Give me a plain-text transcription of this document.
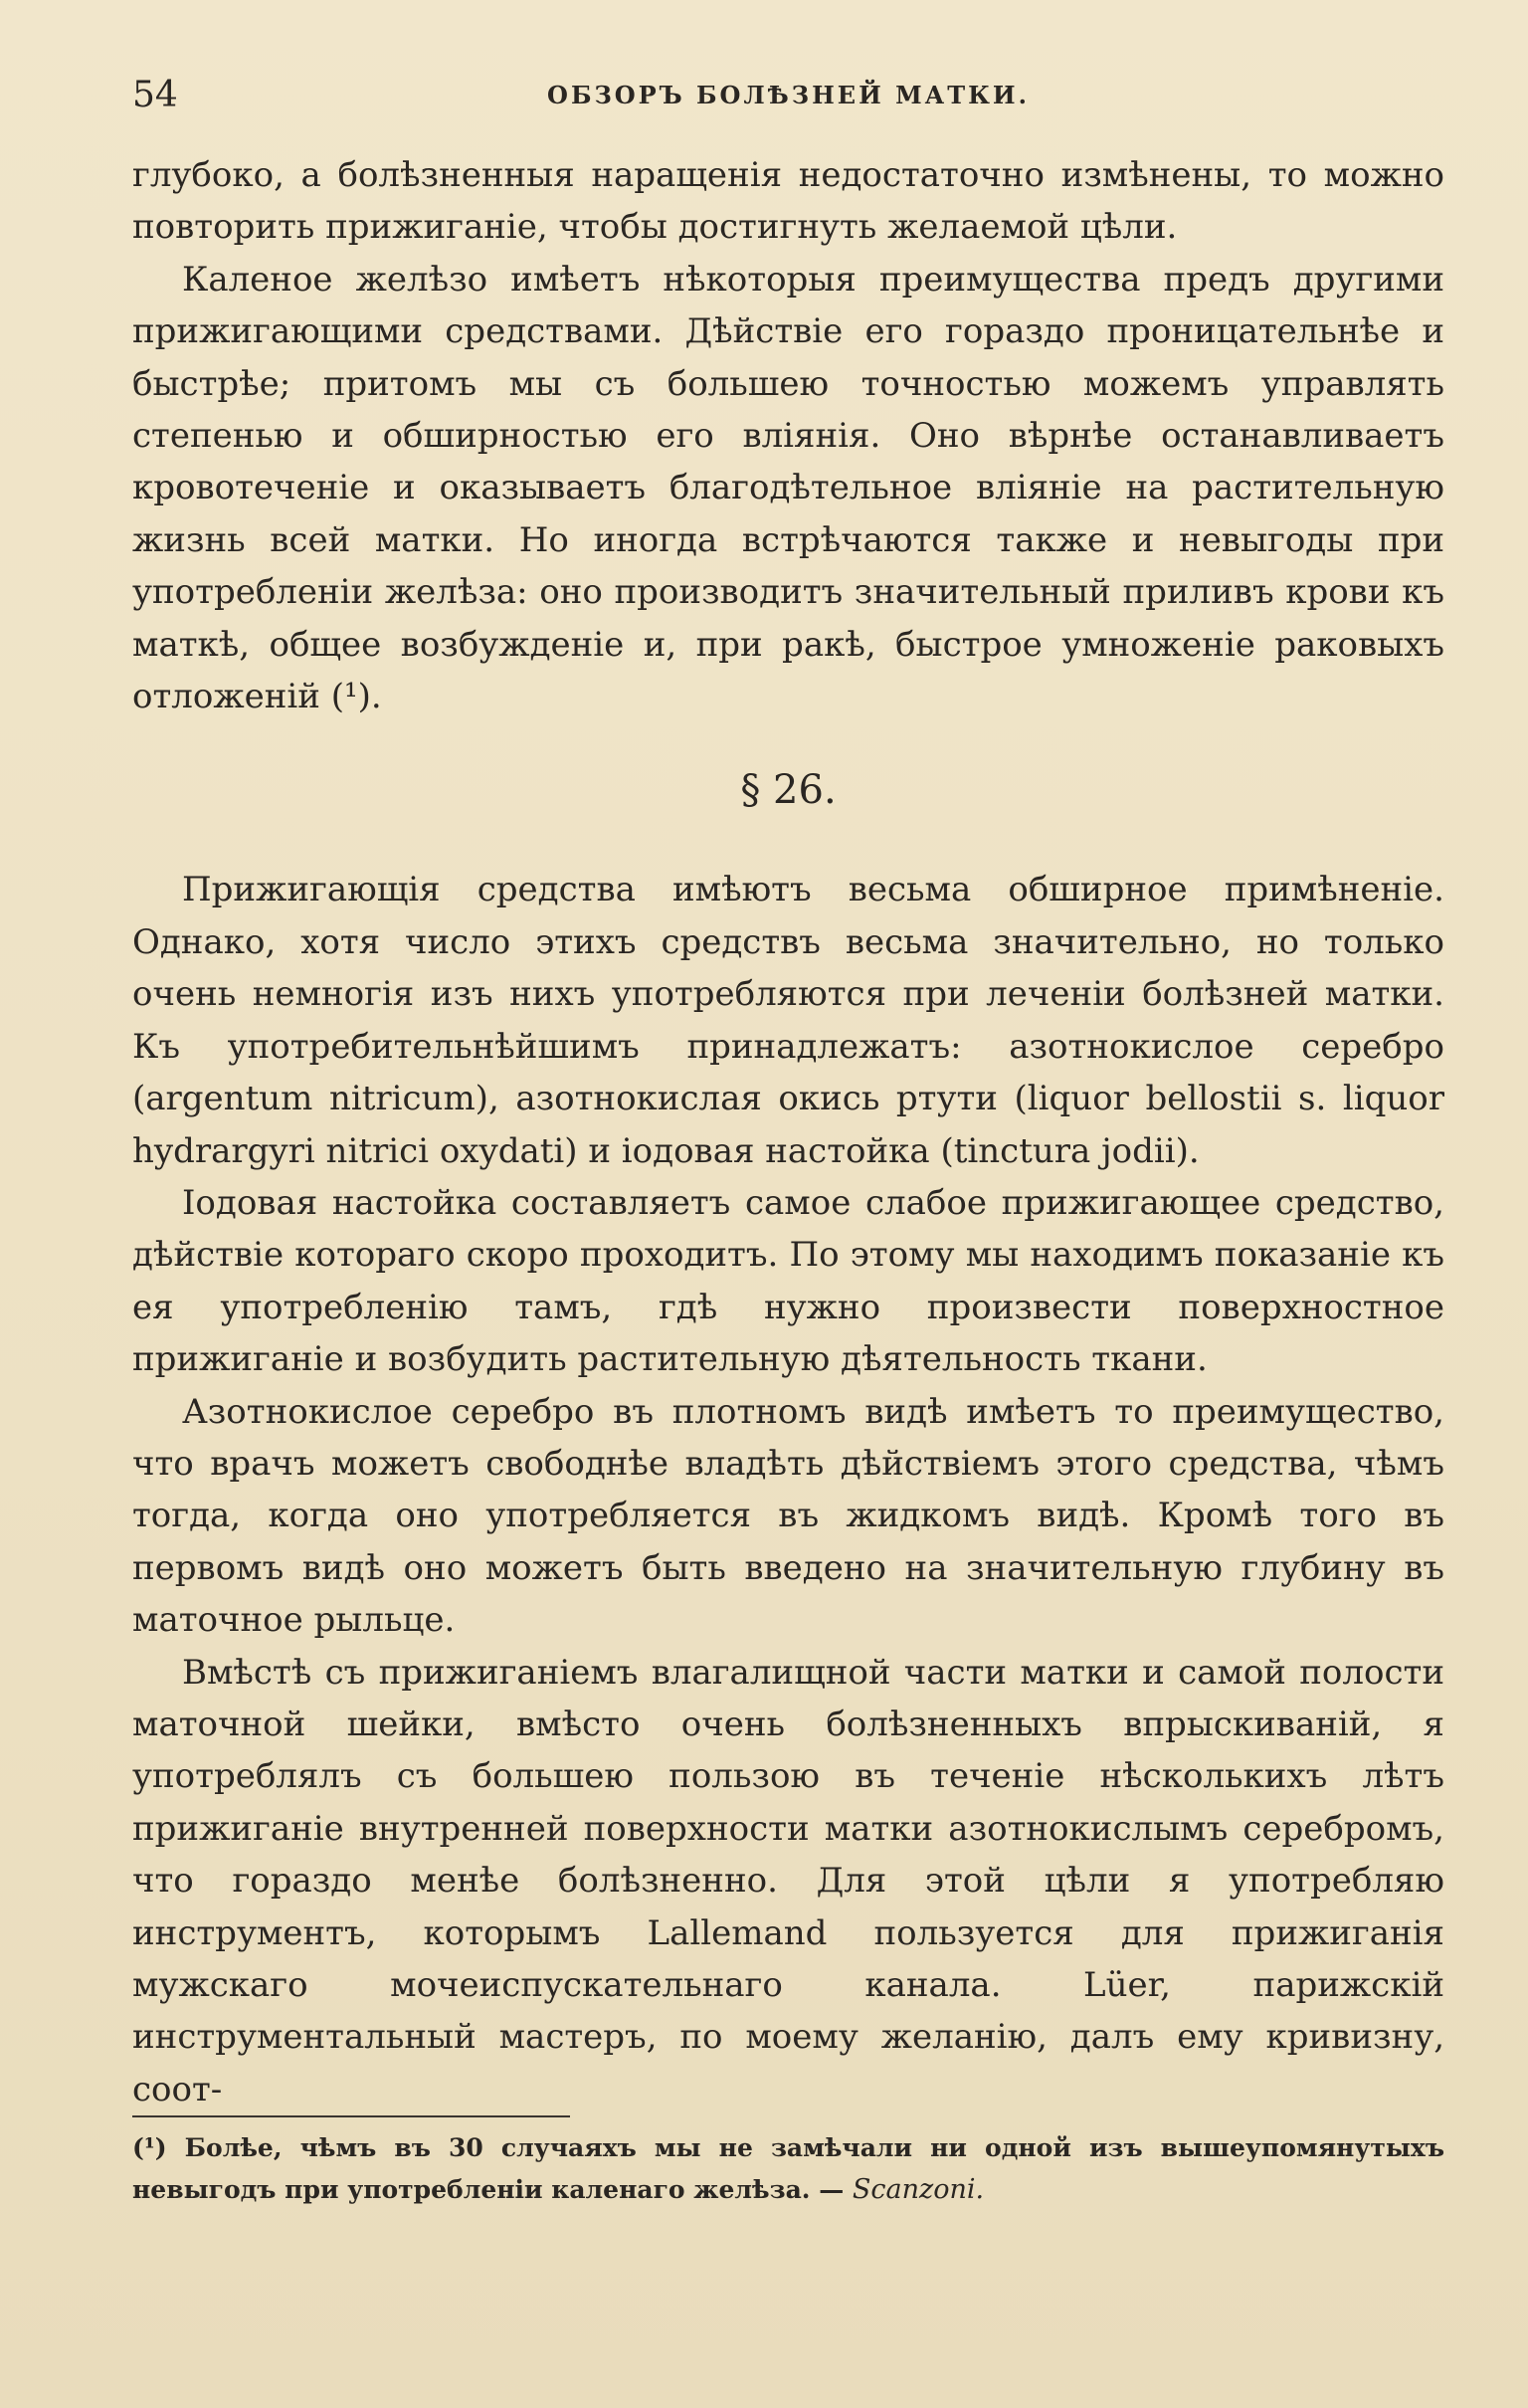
54	ОБЗОРЪ БОЛѢЗНЕЙ МАТКИ.

глубоко, а болѣзненныя наращенія недостаточно измѣнены, то можно повторить прижиганіе, чтобы достигнуть желаемой цѣли.

Каленое желѣзо имѣетъ нѣкоторыя преимущества предъ другими прижигающими средствами. Дѣйствіе его гораздо проницательнѣе и быстрѣе; притомъ мы съ большею точностью можемъ управлять степенью и обширностью его вліянія. Оно вѣрнѣе останавливаетъ кровотеченіе и оказываетъ благодѣтельное вліяніе на растительную жизнь всей матки. Но иногда встрѣчаются также и невыгоды при употребленіи желѣза: оно производитъ значительный приливъ крови къ маткѣ, общее возбужденіе и, при ракѣ, быстрое умноженіе раковыхъ отложеній (¹).

§ 26.

Прижигающія средства имѣютъ весьма обширное примѣненіе. Однако, хотя число этихъ средствъ весьма значительно, но только очень немногія изъ нихъ употребляются при леченіи болѣзней матки. Къ употребительнѣйшимъ принадлежатъ: азотнокислое серебро (argentum nitricum), азотнокислая окись ртути (liquor bellostii s. liquor hydrargyri nitrici oxydati) и іодовая настойка (tinctura jodii).

Іодовая настойка составляетъ самое слабое прижигающее средство, дѣйствіе котораго скоро проходитъ. По этому мы находимъ показаніе къ ея употребленію тамъ, гдѣ нужно произвести поверхностное прижиганіе и возбудить растительную дѣятельность ткани.

Азотнокислое серебро въ плотномъ видѣ имѣетъ то преимущество, что врачъ можетъ свободнѣе владѣть дѣйствіемъ этого средства, чѣмъ тогда, когда оно употребляется въ жидкомъ видѣ. Кромѣ того въ первомъ видѣ оно можетъ быть введено на значительную глубину въ маточное рыльце.

Вмѣстѣ съ прижиганіемъ влагалищной части матки и самой полости маточной шейки, вмѣсто очень болѣзненныхъ впрыскиваній, я употреблялъ съ большею пользою въ теченіе нѣсколькихъ лѣтъ прижиганіе внутренней поверхности матки азотнокислымъ серебромъ, что гораздо менѣе болѣзненно. Для этой цѣли я употребляю инструментъ, которымъ Lallemand пользуется для прижиганія мужскаго мочеиспускательнаго канала. Lüer, парижскій инструментальный мастеръ, по моему желанію, далъ ему кривизну, соот-

(¹) Болѣе, чѣмъ въ 30 случаяхъ мы не замѣчали ни одной изъ вышеупомянутыхъ невыгодъ при употребленіи каленаго желѣза. — Scanzoni.
